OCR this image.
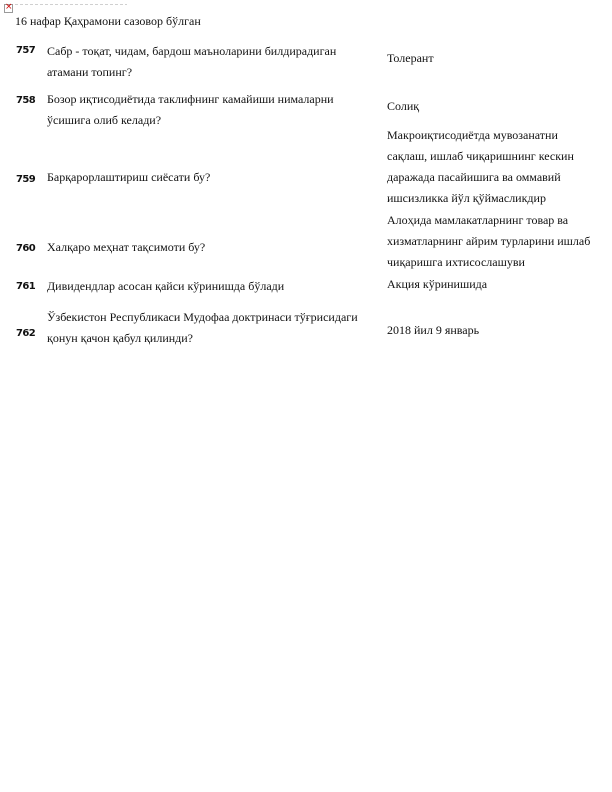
×
16 нафар Қаҳрамони сазовор бўлган
757 Сабр - тоқат, чидам, бардош маъноларини билдирадиган атамани топинг?
Толерант
758 Бозор иқтисодиётида таклифнинг камайиши нималарни ўсишига олиб келади?
Солиқ
759 Барқарорлаштириш сиёсати бу?
Макроиқтисодиётда мувозанатни сақлаш, ишлаб чиқаришнинг кескин даражада пасайишига ва оммавий ишсизликка йўл қўймасликдир
760 Халқаро меҳнат тақсимоти бу?
Алоҳида мамлакатларнинг товар ва хизматларнинг айрим турларини ишлаб чиқаришга ихтисослашуви
761 Дивидендлар асосан қайси кўринишда бўлади	Акция кўринишида
762
Ўзбекистон Республикаси Мудофаа доктринаси тўғрисидаги қонун қачон қабул қилинди?
2018 йил 9 январь
